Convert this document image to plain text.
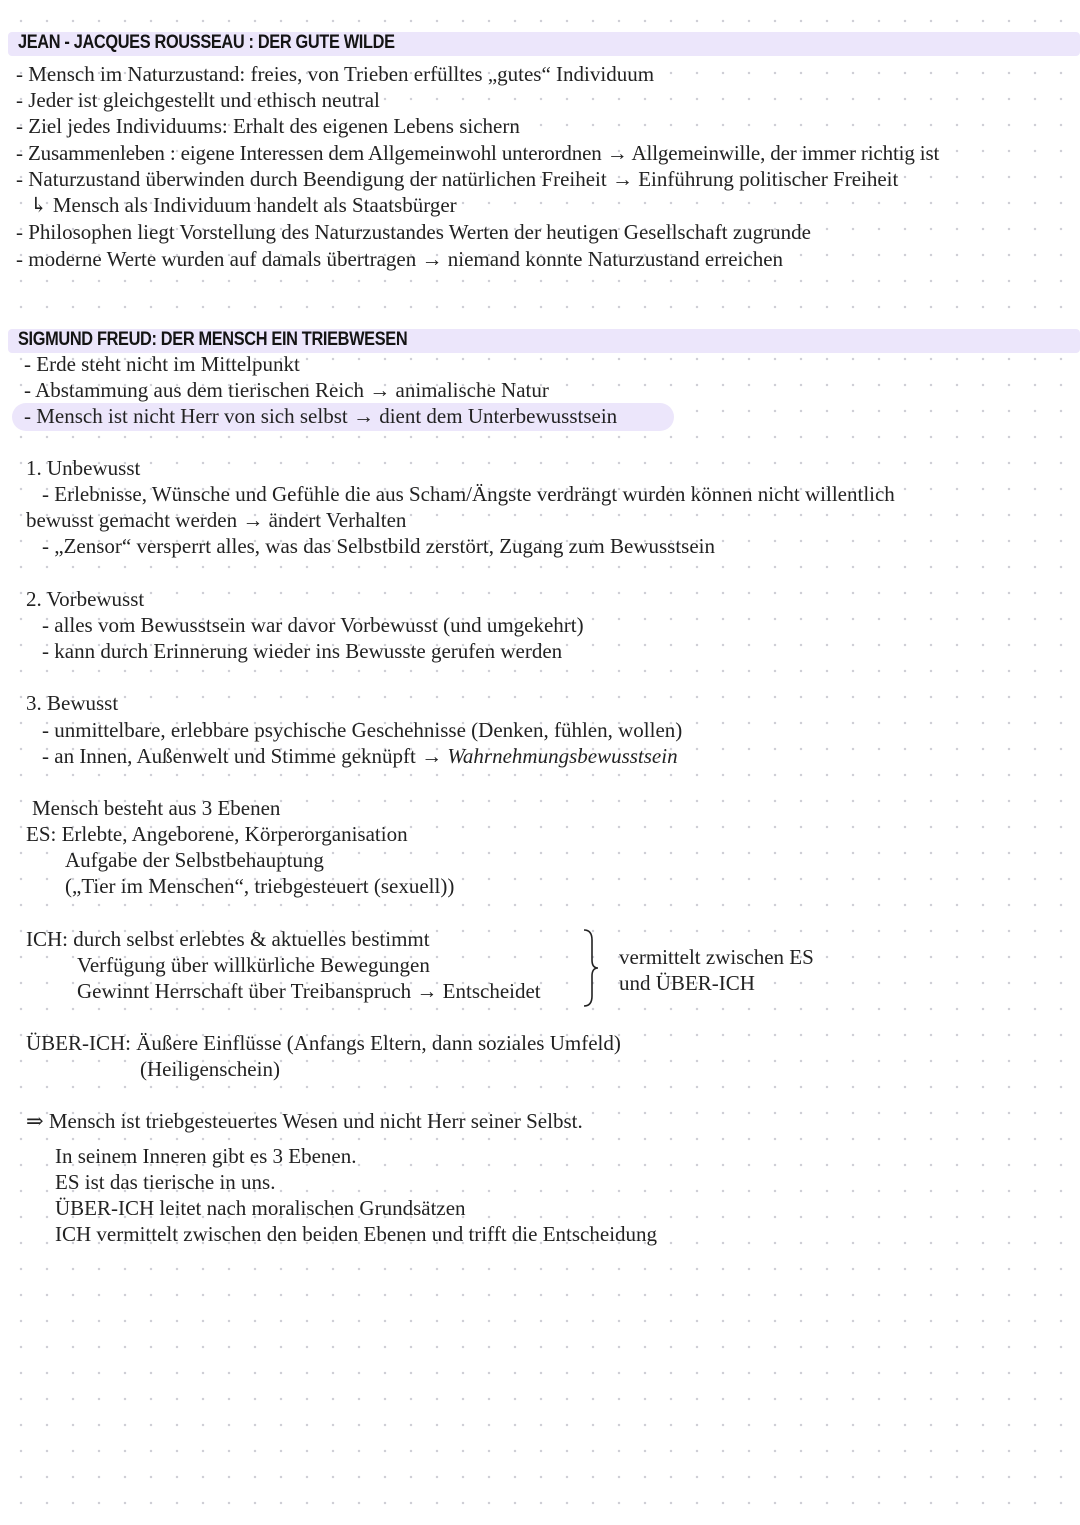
JEAN - JACQUES ROUSSEAU : DER GUTE WILDE
- Mensch im Naturzustand: freies, von Trieben erfülltes „gutes“ Individuum
- Jeder ist gleichgestellt und ethisch neutral
- Ziel jedes Individuums: Erhalt des eigenen Lebens sichern
- Zusammenleben : eigene Interessen dem Allgemeinwohl unterordnen → Allgemeinwille, der immer richtig ist
- Naturzustand überwinden durch Beendigung der natürlichen Freiheit → Einführung politischer Freiheit
↳ Mensch als Individuum handelt als Staatsbürger
- Philosophen liegt Vorstellung des Naturzustandes Werten der heutigen Gesellschaft zugrunde
- moderne Werte wurden auf damals übertragen → niemand konnte Naturzustand erreichen
SIGMUND FREUD: DER MENSCH EIN TRIEBWESEN
- Erde steht nicht im Mittelpunkt
- Abstammung aus dem tierischen Reich → animalische Natur
- Mensch ist nicht Herr von sich selbst → dient dem Unterbewusstsein
1. Unbewusst
- Erlebnisse, Wünsche und Gefühle die aus Scham/Ängste verdrängt wurden können nicht willentlich
bewusst gemacht werden → ändert Verhalten
- „Zensor“ versperrt alles, was das Selbstbild zerstört, Zugang zum Bewusstsein
2. Vorbewusst
- alles vom Bewusstsein war davor Vorbewusst (und umgekehrt)
- kann durch Erinnerung wieder ins Bewusste gerufen werden
3. Bewusst
- unmittelbare, erlebbare psychische Geschehnisse (Denken, fühlen, wollen)
- an Innen, Außenwelt und Stimme geknüpft → Wahrnehmungsbewusstsein
Mensch besteht aus 3 Ebenen
ES: Erlebte, Angeborene, Körperorganisation
Aufgabe der Selbstbehauptung
(„Tier im Menschen“, triebgesteuert (sexuell))
ICH: durch selbst erlebtes & aktuelles bestimmt
Verfügung über willkürliche Bewegungen
Gewinnt Herrschaft über Treibanspruch → Entscheidet
vermittelt zwischen ES
und ÜBER-ICH
ÜBER-ICH: Äußere Einflüsse (Anfangs Eltern, dann soziales Umfeld)
(Heiligenschein)
⇒ Mensch ist triebgesteuertes Wesen und nicht Herr seiner Selbst.
In seinem Inneren gibt es 3 Ebenen.
ES ist das tierische in uns.
ÜBER-ICH leitet nach moralischen Grundsätzen
ICH vermittelt zwischen den beiden Ebenen und trifft die Entscheidung
